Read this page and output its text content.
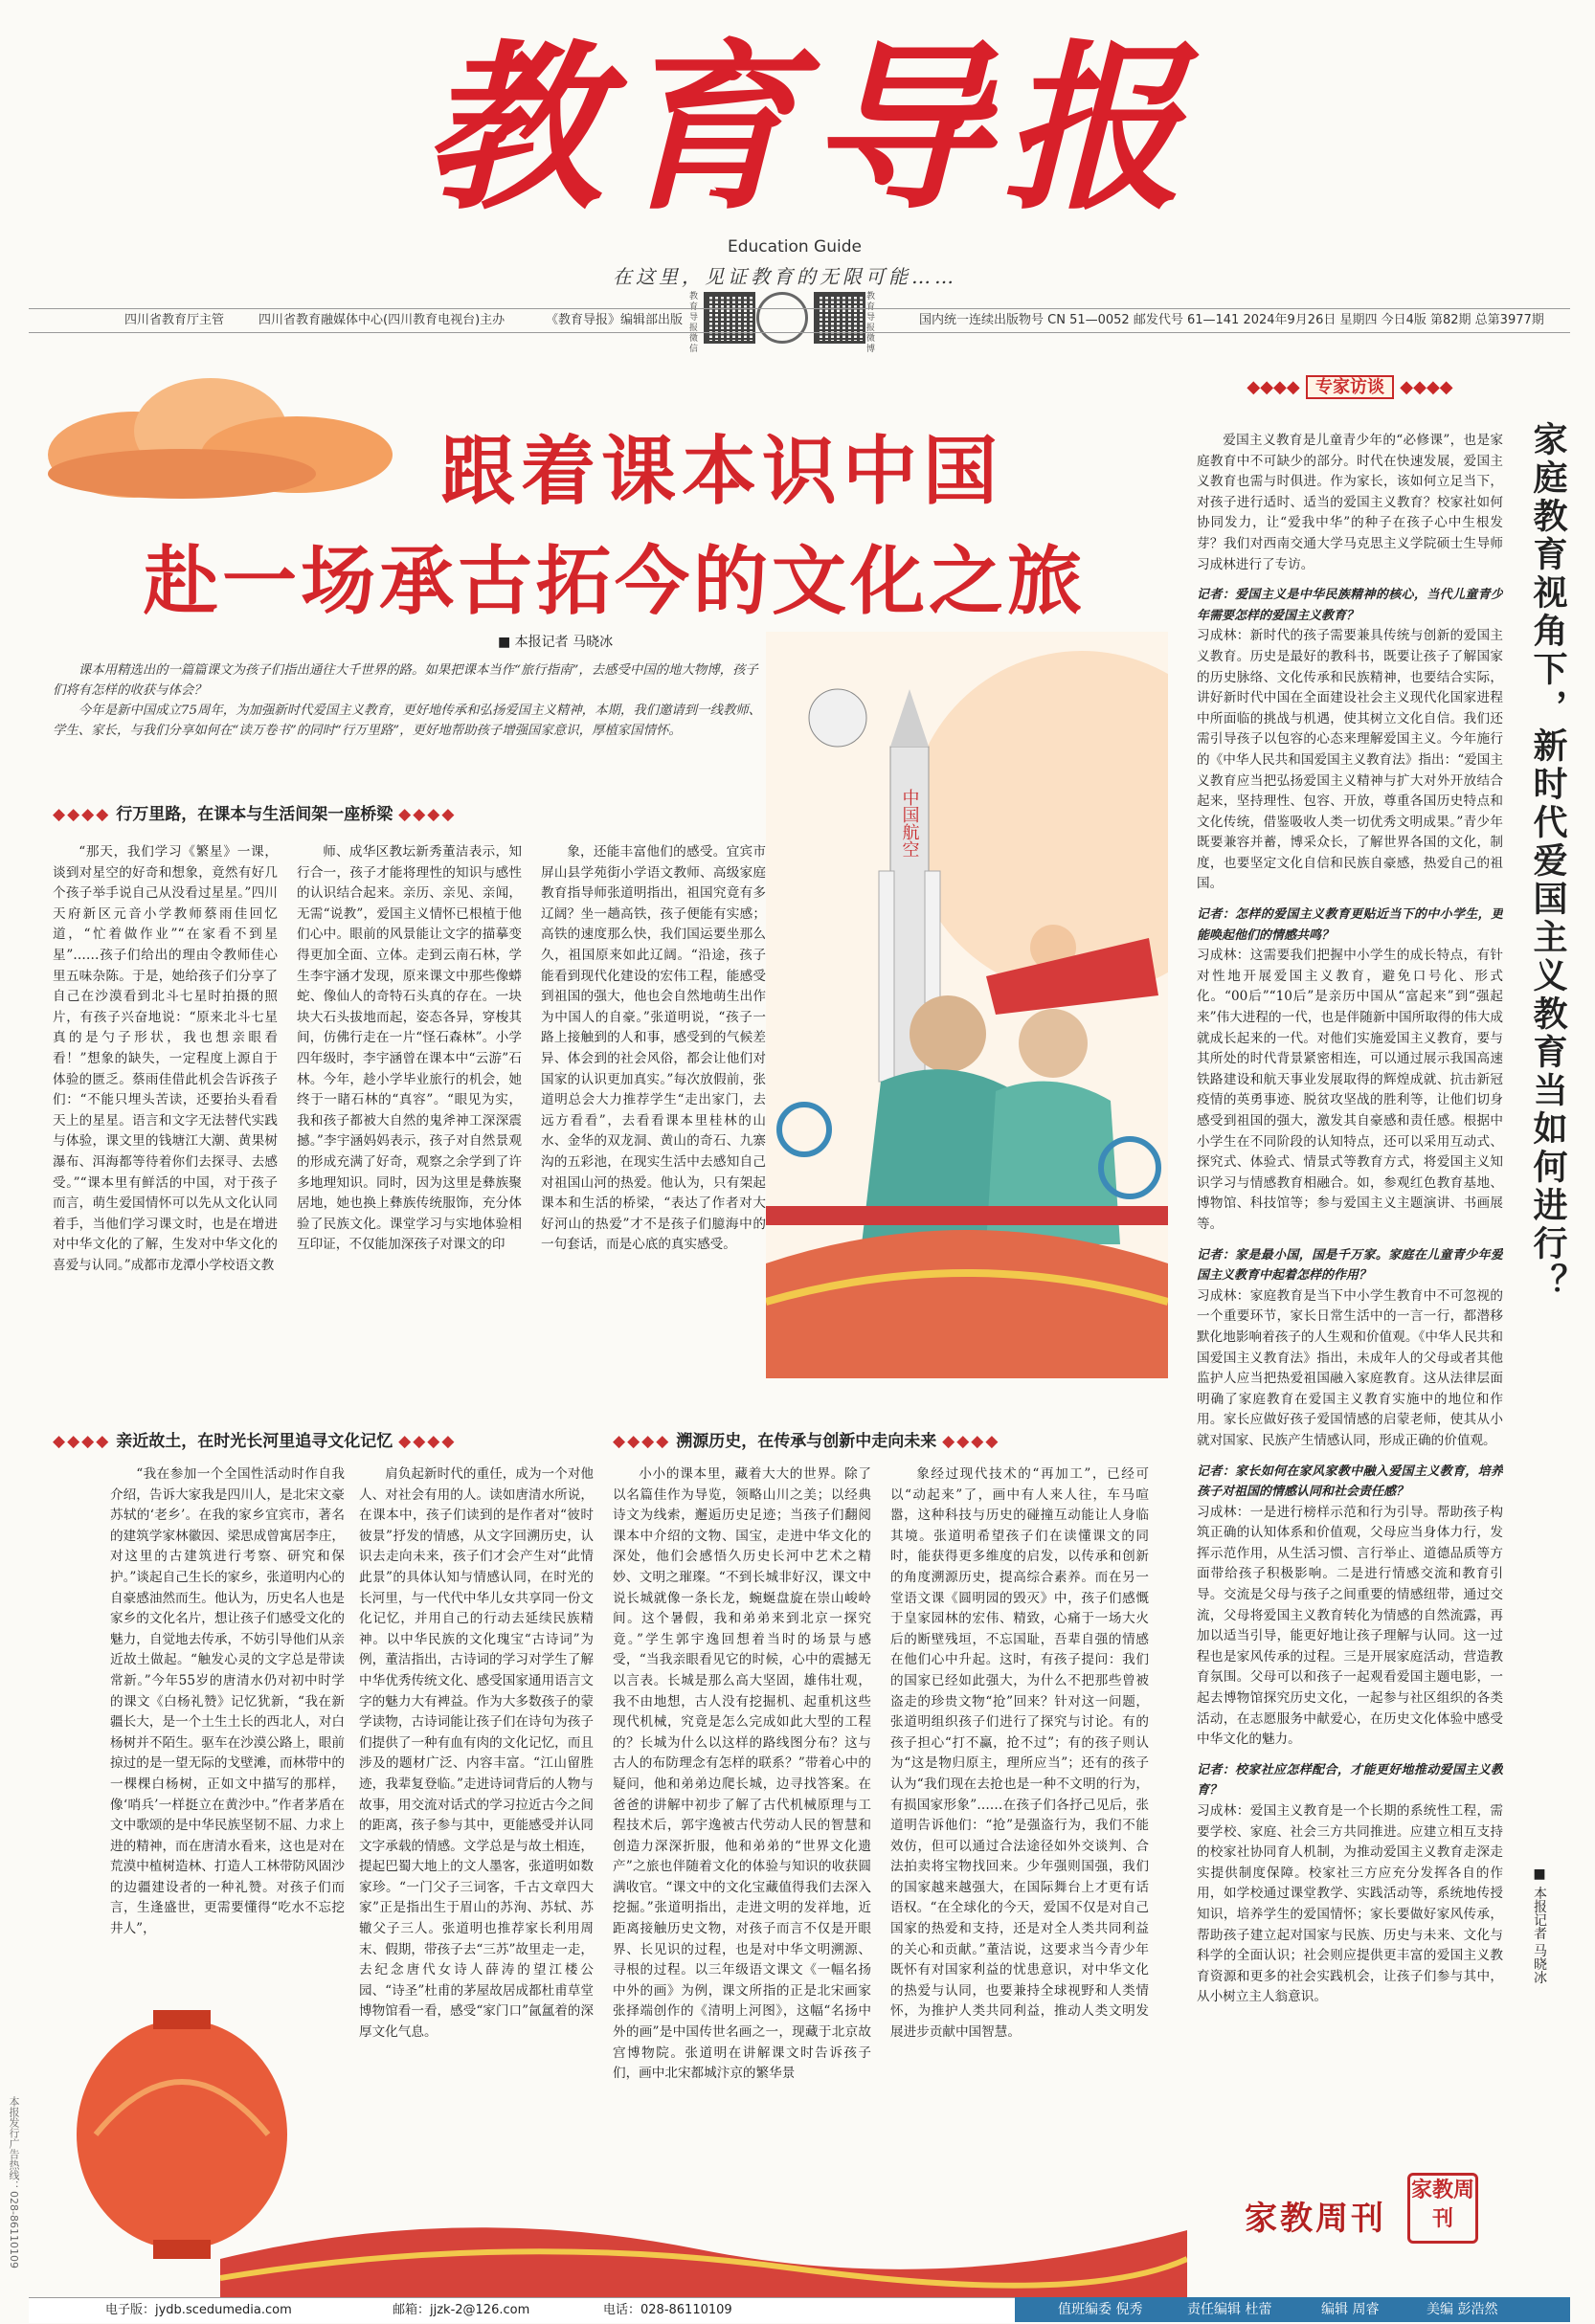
教育导报
Education Guide
在这里，见证教育的无限可能……
教育导报微信
教育导报微博
四川省教育厅主管	四川省教育融媒体中心(四川教育电视台)主办	《教育导报》编辑部出版	国内统一连续出版物号 CN 51—0052 邮发代号 61—141 2024年9月26日 星期四 今日4版 第82期 总第3977期
跟着课本识中国
赴一场承古拓今的文化之旅
■ 本报记者 马晓冰
课本用精选出的一篇篇课文为孩子们指出通往大千世界的路。如果把课本当作“旅行指南”，去感受中国的地大物博，孩子们将有怎样的收获与体会？
今年是新中国成立75周年，为加强新时代爱国主义教育，更好地传承和弘扬爱国主义精神，本期，我们邀请到一线教师、学生、家长，与我们分享如何在“读万卷书”的同时“行万里路”，更好地帮助孩子增强国家意识，厚植家国情怀。
中国航空
◆◆◆◆ 行万里路，在课本与生活间架一座桥梁 ◆◆◆◆

“那天，我们学习《繁星》一课，谈到对星空的好奇和想象，竟然有好几个孩子举手说自己从没看过星星。”四川天府新区元音小学教师蔡雨佳回忆道，“忙着做作业”“在家看不到星星”……孩子们给出的理由令教师佳心里五味杂陈。于是，她给孩子们分享了自己在沙漠看到北斗七星时拍摄的照片，有孩子兴奋地说：“原来北斗七星真的是勺子形状，我也想亲眼看看！”想象的缺失，一定程度上源自于体验的匮乏。蔡雨佳借此机会告诉孩子们：“不能只埋头苦读，还要抬头看看天上的星星。语言和文字无法替代实践与体验，课文里的钱塘江大潮、黄果树瀑布、洱海都等待着你们去探寻、去感受。”“课本里有鲜活的中国，对于孩子而言，萌生爱国情怀可以先从文化认同着手，当他们学习课文时，也是在增进对中华文化的了解，生发对中华文化的喜爱与认同。”成都市龙潭小学校语文教

师、成华区教坛新秀董洁表示，知行合一，孩子才能将理性的知识与感性的认识结合起来。亲历、亲见、亲闻，无需“说教”，爱国主义情怀已根植于他们心中。眼前的风景能让文字的描摹变得更加全面、立体。走到云南石林，学生李宇涵才发现，原来课文中那些像蟒蛇、像仙人的奇特石头真的存在。一块块大石头拔地而起，姿态各异，穿梭其间，仿佛行走在一片“怪石森林”。小学四年级时，李宇涵曾在课本中“云游”石林。今年，趁小学毕业旅行的机会，她终于一睹石林的“真容”。“眼见为实，我和孩子都被大自然的鬼斧神工深深震撼。”李宇涵妈妈表示，孩子对自然景观的形成充满了好奇，观察之余学到了许多地理知识。同时，因为这里是彝族聚居地，她也换上彝族传统服饰，充分体验了民族文化。课堂学习与实地体验相互印证，不仅能加深孩子对课文的印

象，还能丰富他们的感受。宜宾市屏山县学苑街小学语文教师、高级家庭教育指导师张道明指出，祖国究竟有多辽阔？坐一趟高铁，孩子便能有实感；高铁的速度那么快，我们国运要坐那么久，祖国原来如此辽阔。“沿途，孩子能看到现代化建设的宏伟工程，能感受到祖国的强大，他也会自然地萌生出作为中国人的自豪。”张道明说，“孩子一路上接触到的人和事，感受到的气候差异、体会到的社会风俗，都会让他们对国家的认识更加真实。”每次放假前，张道明总会大力推荐学生“走出家门，去远方看看”，去看看课本里桂林的山水、金华的双龙洞、黄山的奇石、九寨沟的五彩池，在现实生活中去感知自己对祖国山河的热爱。他认为，只有架起课本和生活的桥梁，“表达了作者对大好河山的热爱”才不是孩子们臆海中的一句套话，而是心底的真实感受。

◆◆◆◆ 亲近故土，在时光长河里追寻文化记忆 ◆◆◆◆

“我在参加一个全国性活动时作自我介绍，告诉大家我是四川人，是北宋文豪苏轼的‘老乡’。在我的家乡宜宾市，著名的建筑学家林徽因、梁思成曾寓居李庄，对这里的古建筑进行考察、研究和保护。”谈起自己生长的家乡，张道明内心的自豪感油然而生。他认为，历史名人也是家乡的文化名片，想让孩子们感受文化的魅力，自觉地去传承，不妨引导他们从亲近故土做起。“触发心灵的文字总是带读常新。”今年55岁的唐清水仍对初中时学的课文《白杨礼赞》记忆犹新，“我在新疆长大，是一个土生土长的西北人，对白杨树并不陌生。驱车在沙漠公路上，眼前掠过的是一望无际的戈壁滩，而林带中的一棵棵白杨树，正如文中描写的那样，像‘哨兵’一样挺立在黄沙中。”作者茅盾在文中歌颂的是中华民族坚韧不屈、力求上进的精神，而在唐清水看来，这也是对在荒漠中植树造林、打造人工林带防风固沙的边疆建设者的一种礼赞。对孩子们而言，生逢盛世，更需要懂得“吃水不忘挖井人”，

肩负起新时代的重任，成为一个对他人、对社会有用的人。读如唐清水所说，在课本中，孩子们读到的是作者对“彼时彼景”抒发的情感，从文字回溯历史，认识去走向未来，孩子们才会产生对“此情此景”的具体认知与情感认同，在时光的长河里，与一代代中华儿女共享同一份文化记忆，并用自己的行动去延续民族精神。以中华民族的文化瑰宝“古诗词”为例，董洁指出，古诗词的学习对学生了解中华优秀传统文化、感受国家通用语言文字的魅力大有裨益。作为大多数孩子的蒙学读物，古诗词能让孩子们在诗句为孩子们提供了一种有血有肉的文化记忆，而且涉及的题材广泛、内容丰富。“江山留胜迹，我辈复登临。”走进诗词背后的人物与故事，用交流对话式的学习拉近古今之间的距离，孩子参与其中，更能感受并认同文字承载的情感。文学总是与故土相连，提起巴蜀大地上的文人墨客，张道明如数家珍。“一门父子三词客，千古文章四大家”正是指出生于眉山的苏洵、苏轼、苏辙父子三人。张道明也推荐家长利用周末、假期，带孩子去“三苏”故里走一走，去纪念唐代女诗人薛涛的望江楼公园、“诗圣”杜甫的茅屋故居成都杜甫草堂博物馆看一看，感受“家门口”氤氲着的深厚文化气息。

◆◆◆◆ 溯源历史，在传承与创新中走向未来 ◆◆◆◆

小小的课本里，藏着大大的世界。除了以名篇佳作为导览，领略山川之美；以经典诗文为线索，邂逅历史足迹；当孩子们翻阅课本中介绍的文物、国宝，走进中华文化的深处，他们会感悟久历史长河中艺术之精妙、文明之璀璨。“不到长城非好汉，课文中说长城就像一条长龙，蜿蜒盘旋在崇山峻岭间。这个暑假，我和弟弟来到北京一探究竟。”学生郭宇逸回想着当时的场景与感受，“当我亲眼看见它的时候，心中的震撼无以言表。长城是那么高大坚固，雄伟壮观，我不由地想，古人没有挖掘机、起重机这些现代机械，究竟是怎么完成如此大型的工程的？长城为什么以这样的路线图分布？这与古人的布防理念有怎样的联系？”带着心中的疑问，他和弟弟边爬长城，边寻找答案。在爸爸的讲解中初步了解了古代机械原理与工程技术后，郭宇逸被古代劳动人民的智慧和创造力深深折服，他和弟弟的“世界文化遗产”之旅也伴随着文化的体验与知识的收获圆满收官。“课文中的文化宝藏值得我们去深入挖掘。”张道明指出，走进文明的发祥地，近距离接触历史文物，对孩子而言不仅是开眼界、长见识的过程，也是对中华文明溯源、寻根的过程。以三年级语文课文《一幅名扬中外的画》为例，课文所指的正是北宋画家张择端创作的《清明上河图》，这幅“名扬中外的画”是中国传世名画之一，现藏于北京故宫博物院。张道明在讲解课文时告诉孩子们，画中北宋都城汴京的繁华景

象经过现代技术的“再加工”，已经可以“动起来”了，画中有人来人往，车马喧嚣，这种科技与历史的碰撞互动能让人身临其境。张道明希望孩子们在读懂课文的同时，能获得更多维度的启发，以传承和创新的角度溯源历史，提高综合素养。而在另一堂语文课《圆明园的毁灭》中，孩子们感慨于皇家园林的宏伟、精致，心痛于一场大火后的断壁残垣，不忘国耻，吾辈自强的情感在他们心中升起。这时，有孩子提问：我们的国家已经如此强大，为什么不把那些曾被盗走的珍贵文物“抢”回来？针对这一问题，张道明组织孩子们进行了探究与讨论。有的孩子担心“打不赢，抢不过”；有的孩子则认为“这是物归原主，理所应当”；还有的孩子认为“我们现在去抢也是一种不文明的行为，有损国家形象”……在孩子们各抒己见后，张道明告诉他们：“抢”是强盗行为，我们不能效仿，但可以通过合法途径如外交谈判、合法拍卖将宝物找回来。少年强则国强，我们的国家越来越强大，在国际舞台上才更有话语权。“在全球化的今天，爱国不仅是对自己国家的热爱和支持，还是对全人类共同利益的关心和贡献。”董洁说，这要求当今青少年既怀有对国家利益的忧患意识，对中华文化的热爱与认同，也要兼持全球视野和人类情怀，为推护人类共同利益，推动人类文明发展进步贡献中国智慧。

◆◆◆◆ 专家访谈 ◆◆◆◆
家庭教育视角下，新时代爱国主义教育当如何进行？

爱国主义教育是儿童青少年的“必修课”，也是家庭教育中不可缺少的部分。时代在快速发展，爱国主义教育也需与时俱进。作为家长，该如何立足当下，对孩子进行适时、适当的爱国主义教育？校家社如何协同发力，让“爱我中华”的种子在孩子心中生根发芽？我们对西南交通大学马克思主义学院硕士生导师习成林进行了专访。

记者：爱国主义是中华民族精神的核心，当代儿童青少年需要怎样的爱国主义教育？

习成林：新时代的孩子需要兼具传统与创新的爱国主义教育。历史是最好的教科书，既要让孩子了解国家的历史脉络、文化传承和民族精神，也要结合实际，讲好新时代中国在全面建设社会主义现代化国家进程中所面临的挑战与机遇，使其树立文化自信。我们还需引导孩子以包容的心态来理解爱国主义。今年施行的《中华人民共和国爱国主义教育法》指出：“爱国主义教育应当把弘扬爱国主义精神与扩大对外开放结合起来，坚持理性、包容、开放，尊重各国历史特点和文化传统，借鉴吸收人类一切优秀文明成果。”青少年既要兼容并蓄，博采众长，了解世界各国的文化，制度，也要坚定文化自信和民族自豪感，热爱自己的祖国。

记者：怎样的爱国主义教育更贴近当下的中小学生，更能唤起他们的情感共鸣？

习成林：这需要我们把握中小学生的成长特点，有针对性地开展爱国主义教育，避免口号化、形式化。“00后”“10后”是亲历中国从“富起来”到“强起来”伟大进程的一代，也是伴随新中国所取得的伟大成就成长起来的一代。对他们实施爱国主义教育，要与其所处的时代背景紧密相连，可以通过展示我国高速铁路建设和航天事业发展取得的辉煌成就、抗击新冠疫情的英勇事迹、脱贫攻坚战的胜利等，让他们切身感受到祖国的强大，激发其自豪感和责任感。根据中小学生在不同阶段的认知特点，还可以采用互动式、探究式、体验式、情景式等教育方式，将爱国主义知识学习与情感教育相融合。如，参观红色教育基地、博物馆、科技馆等；参与爱国主义主题演讲、书画展等。

记者：家是最小国，国是千万家。家庭在儿童青少年爱国主义教育中起着怎样的作用？

习成林：家庭教育是当下中小学生教育中不可忽视的一个重要环节，家长日常生活中的一言一行，都潜移默化地影响着孩子的人生观和价值观。《中华人民共和国爱国主义教育法》指出，未成年人的父母或者其他监护人应当把热爱祖国融入家庭教育。这从法律层面明确了家庭教育在爱国主义教育实施中的地位和作用。家长应做好孩子爱国情感的启蒙老师，使其从小就对国家、民族产生情感认同，形成正确的价值观。

记者：家长如何在家风家教中融入爱国主义教育，培养孩子对祖国的情感认同和社会责任感？

习成林：一是进行榜样示范和行为引导。帮助孩子构筑正确的认知体系和价值观，父母应当身体力行，发挥示范作用，从生活习惯、言行举止、道德品质等方面带给孩子积极影响。二是进行情感交流和教育引导。交流是父母与孩子之间重要的情感纽带，通过交流，父母将爱国主义教育转化为情感的自然流露，再加以适当引导，能更好地让孩子理解与认同。这一过程也是家风传承的过程。三是开展家庭活动，营造教育氛围。父母可以和孩子一起观看爱国主题电影，一起去博物馆探究历史文化，一起参与社区组织的各类活动，在志愿服务中献爱心，在历史文化体验中感受中华文化的魅力。

记者：校家社应怎样配合，才能更好地推动爱国主义教育？

习成林：爱国主义教育是一个长期的系统性工程，需要学校、家庭、社会三方共同推进。应建立相互支持的校家社协同育人机制，为推动爱国主义教育走深走实提供制度保障。校家社三方应充分发挥各自的作用，如学校通过课堂教学、实践活动等，系统地传授知识，培养学生的爱国情怀；家长要做好家风传承，帮助孩子建立起对国家与民族、历史与未来、文化与科学的全面认识；社会则应提供更丰富的爱国主义教育资源和更多的社会实践机会，让孩子们参与其中，从小树立主人翁意识。

■ 本报记者 马晓冰
家教周刊
家教周刊
本报发行广告热线：028-86110109
电子版：jydb.scedumedia.com	邮箱：jjzk-2@126.com	电话：028-86110109	值班编委 倪秀	责任编辑 杜蕾	编辑 周睿	美编 彭浩然
